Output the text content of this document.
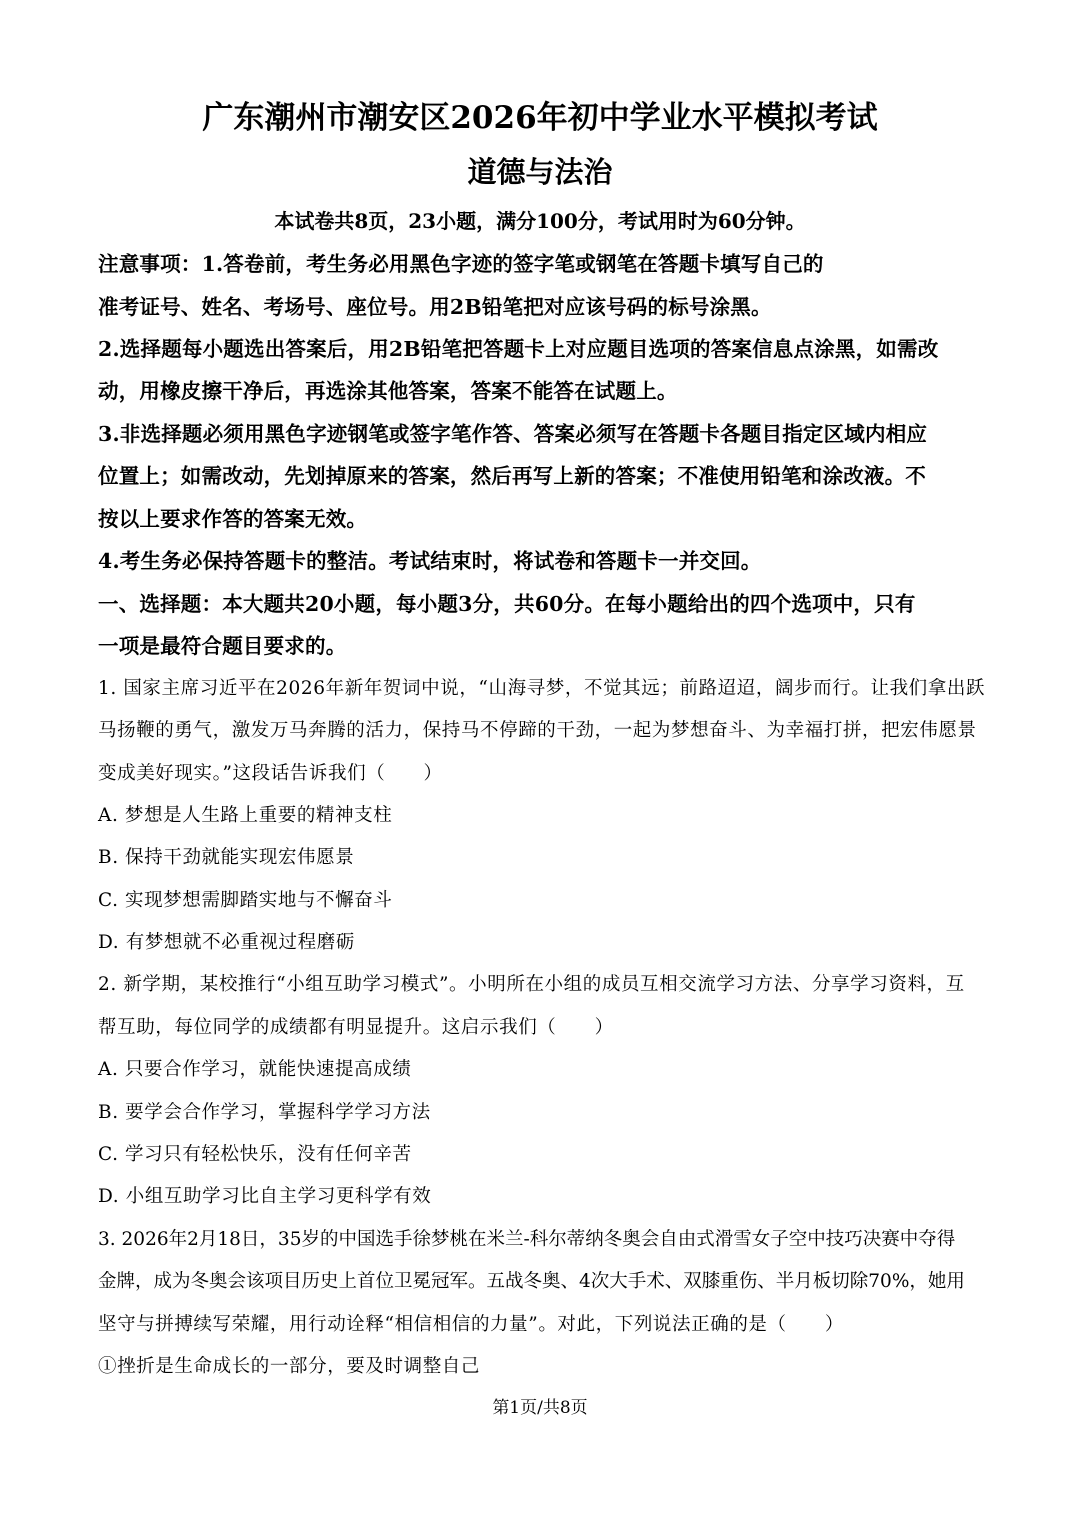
广东潮州市潮安区2026年初中学业水平模拟考试
道德与法治
本试卷共8页，23小题，满分100分，考试用时为60分钟。
注意事项：1.答卷前，考生务必用黑色字迹的签字笔或钢笔在答题卡填写自己的
准考证号、姓名、考场号、座位号。用2B铅笔把对应该号码的标号涂黑。
2.选择题每小题选出答案后，用2B铅笔把答题卡上对应题目选项的答案信息点涂黑，如需改
动，用橡皮擦干净后，再选涂其他答案，答案不能答在试题上。
3.非选择题必须用黑色字迹钢笔或签字笔作答、答案必须写在答题卡各题目指定区域内相应
位置上；如需改动，先划掉原来的答案，然后再写上新的答案；不准使用铅笔和涂改液。不
按以上要求作答的答案无效。
4.考生务必保持答题卡的整洁。考试结束时，将试卷和答题卡一并交回。
一、选择题：本大题共20小题，每小题3分，共60分。在每小题给出的四个选项中，只有
一项是最符合题目要求的。
1. 国家主席习近平在2026年新年贺词中说，“山海寻梦，不觉其远；前路迢迢，阔步而行。让我们拿出跃
马扬鞭的勇气，激发万马奔腾的活力，保持马不停蹄的干劲，一起为梦想奋斗、为幸福打拼，把宏伟愿景
变成美好现实。”这段话告诉我们（　　）
A. 梦想是人生路上重要的精神支柱
B. 保持干劲就能实现宏伟愿景
C. 实现梦想需脚踏实地与不懈奋斗
D. 有梦想就不必重视过程磨砺
2. 新学期，某校推行“小组互助学习模式”。小明所在小组的成员互相交流学习方法、分享学习资料，互
帮互助，每位同学的成绩都有明显提升。这启示我们（　　）
A. 只要合作学习，就能快速提高成绩
B. 要学会合作学习，掌握科学学习方法
C. 学习只有轻松快乐，没有任何辛苦
D. 小组互助学习比自主学习更科学有效
3. 2026年2月18日，35岁的中国选手徐梦桃在米兰-科尔蒂纳冬奥会自由式滑雪女子空中技巧决赛中夺得
金牌，成为冬奥会该项目历史上首位卫冕冠军。五战冬奥、4次大手术、双膝重伤、半月板切除70%，她用
坚守与拼搏续写荣耀，用行动诠释“相信相信的力量”。对此，下列说法正确的是（　　）
①挫折是生命成长的一部分，要及时调整自己
第1页/共8页
